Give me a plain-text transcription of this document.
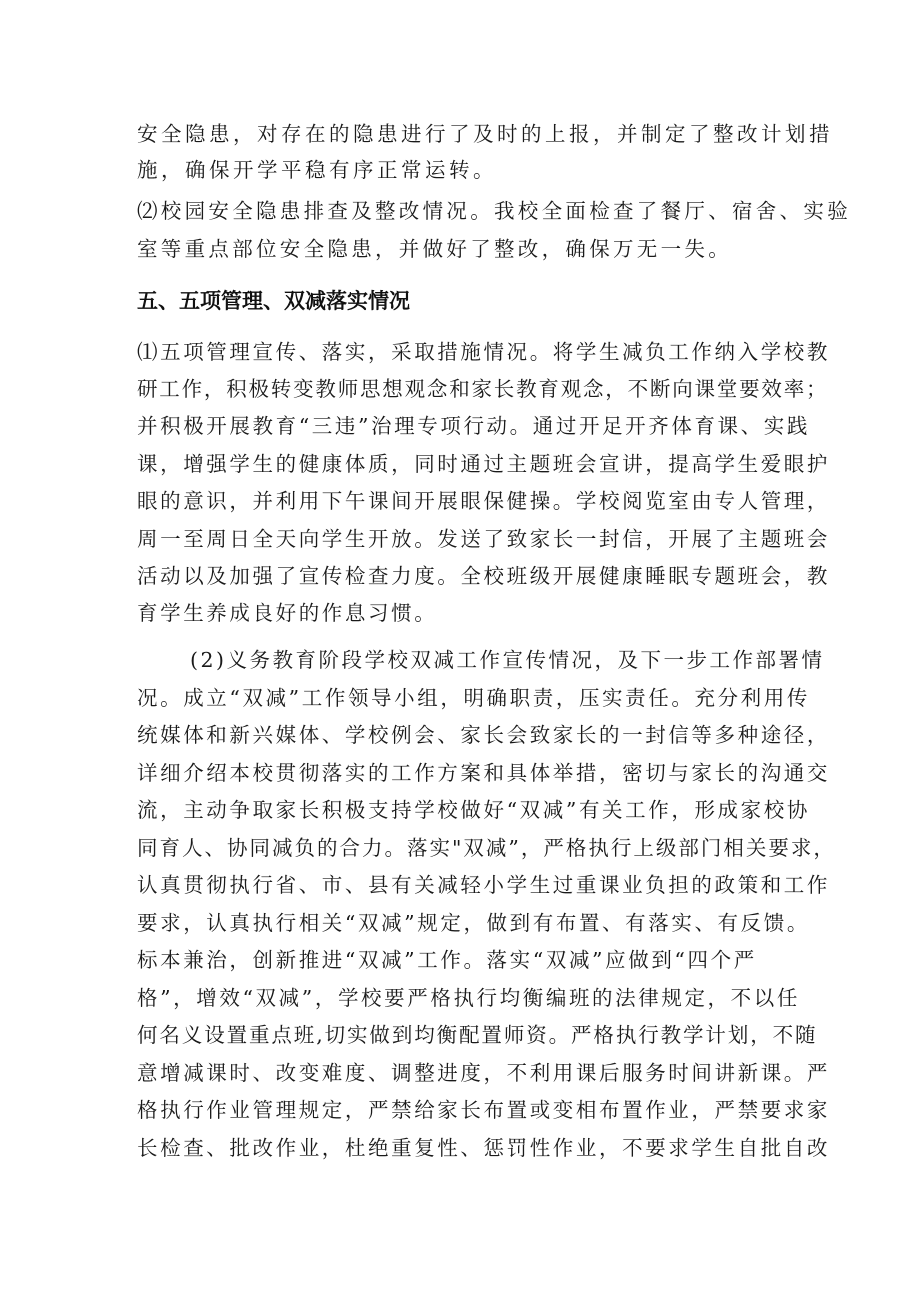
安全隐患，对存在的隐患进行了及时的上报，并制定了整改计划措
施，确保开学平稳有序正常运转。
⑵校园安全隐患排查及整改情况。我校全面检查了餐厅、宿舍、实验
室等重点部位安全隐患，并做好了整改，确保万无一失。
五、五项管理、双减落实情况
⑴五项管理宣传、落实，采取措施情况。将学生减负工作纳入学校教
研工作，积极转变教师思想观念和家长教育观念，不断向课堂要效率；
并积极开展教育“三违”治理专项行动。通过开足开齐体育课、实践
课，增强学生的健康体质，同时通过主题班会宣讲，提高学生爱眼护
眼的意识，并利用下午课间开展眼保健操。学校阅览室由专人管理，
周一至周日全天向学生开放。发送了致家长一封信，开展了主题班会
活动以及加强了宣传检查力度。全校班级开展健康睡眠专题班会，教
育学生养成良好的作息习惯。
(2)义务教育阶段学校双减工作宣传情况，及下一步工作部署情
况。成立“双减”工作领导小组，明确职责，压实责任。充分利用传
统媒体和新兴媒体、学校例会、家长会致家长的一封信等多种途径，
详细介绍本校贯彻落实的工作方案和具体举措，密切与家长的沟通交
流，主动争取家长积极支持学校做好“双减”有关工作，形成家校协
同育人、协同减负的合力。落实"双减”，严格执行上级部门相关要求，
认真贯彻执行省、市、县有关减轻小学生过重课业负担的政策和工作
要求，认真执行相关“双减”规定，做到有布置、有落实、有反馈。
标本兼治，创新推进“双减”工作。落实“双减”应做到“四个严
格”，增效“双减”，学校要严格执行均衡编班的法律规定，不以任
何名义设置重点班,切实做到均衡配置师资。严格执行教学计划，不随
意增减课时、改变难度、调整进度，不利用课后服务时间讲新课。严
格执行作业管理规定，严禁给家长布置或变相布置作业，严禁要求家
长检查、批改作业，杜绝重复性、惩罚性作业，不要求学生自批自改
